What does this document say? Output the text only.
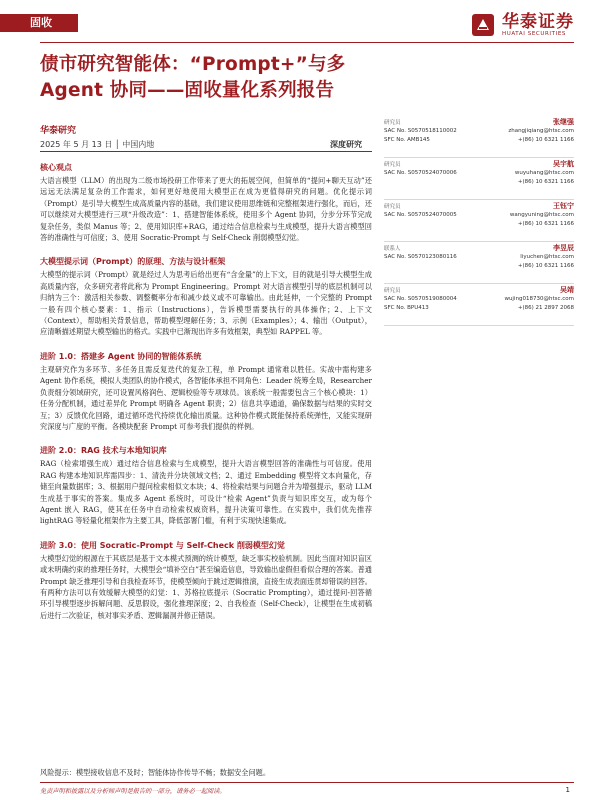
固收	华泰证券
HUATAI SECURITIES
债市研究智能体：“Prompt+”与多
Agent 协同——固收量化系列报告
华泰研究
2025 年 5 月 13 日 │ 中国内地	深度研究
研究员	张继强
SAC No. S0570518110002	zhangjiqiang@htsc.com
SFC No. AMB145	+(86) 10 6321 1166
研究员	吴宇航
SAC No. S0570524070006	wuyuhang@htsc.com
+(86) 10 6321 1166
研究员	王钰宁
SAC No. S0570524070005	wangyuning@htsc.com
+(86) 10 6321 1166
联系人	李昱辰
SAC No. S0570123080116	liyuchen@htsc.com
+(86) 10 6321 1166
研究员	吴靖
SAC No. S0570519080004	wujing018730@htsc.com
SFC No. BPU413	+(86) 21 2897 2068
核心观点

大语言模型（LLM）的出现为二级市场投研工作带来了更大的拓展空间，但简单的“提问+聊天互动”还远远无法满足复杂的工作需求，如何更好地使用大模型正在成为更值得研究的问题。优化提示词（Prompt）是引导大模型生成高质量内容的基础，我们建议使用思维链和完整框架进行强化，而后，还可以继续对大模型进行三项“升级改造”：1、搭建智能体系统，使用多个 Agent 协同，分步分环节完成复杂任务，类似 Manus 等；2、使用知识库+RAG，通过结合信息检索与生成模型，提升大语言模型回答的准确性与可信度；3、使用 Socratic-Prompt 与 Self-Check 削弱模型幻觉。

大模型提示词（Prompt）的原理、方法与设计框架

大模型的提示词（Prompt）就是经过人为思考后给出更有“含金量”的上下文，目的就是引导大模型生成高质量内容，众多研究者将此称为 Prompt Engineering。Prompt 对大语言模型引导的底层机制可以归纳为三个：激活相关参数、调整概率分布和减少歧义或不可靠输出。由此延伸，一个完整的 Prompt 一般有四个核心要素：1、指示（Instructions），告诉模型需要执行的具体操作；2、上下文（Context），帮助相关背景信息，帮助模型理解任务；3、示例（Examples）；4、输出（Output），应清晰描述期望大模型输出的格式。实践中已渐现出许多有效框架，典型如 RAPPEL 等。

进阶 1.0：搭建多 Agent 协同的智能体系统

主观研究作为多环节、多任务且需反复迭代的复杂工程，单 Prompt 通常难以胜任。实战中需构建多 Agent 协作系统，模拟人类团队的协作模式，各智能体承担不同角色：Leader 统筹全局，Researcher 负责细分领域研究，还可设置风格润色、逻辑校验等专项球员。该系统一般需要包含三个核心模块：1）任务分配机制，通过差异化 Prompt 明确各 Agent 职责；2）信息共享通道，确保数据与结果的实时交互；3）反馈优化回路，通过循环迭代持续优化输出质量。这种协作模式既能保持系统弹性，又能实现研究深度与广度的平衡。各模块配套 Prompt 可参考我们提供的样例。

进阶 2.0：RAG 技术与本地知识库

RAG（检索增强生成）通过结合信息检索与生成模型，提升大语言模型回答的准确性与可信度。使用 RAG 构建本地知识库需四步：1、清洗并分块领域文档；2、通过 Embedding 模型将文本向量化，存储至向量数据库；3、根据用户提问检索相似文本块；4、将检索结果与问题合并为增强提示，驱动 LLM 生成基于事实的答案。集成多 Agent 系统时，可设计“检索 Agent”负责与知识库交互，或为每个 Agent 嵌入 RAG，使其在任务中自动检索权威资料，提升决策可靠性。在实践中，我们优先推荐 lightRAG 等轻量化框架作为主要工具，降低部署门槛，有利于实现快速集成。

进阶 3.0：使用 Socratic-Prompt 与 Self-Check 削弱模型幻觉

大模型幻觉的根源在于其底层是基于文本模式预测的统计模型，缺乏事实校验机制。因此当面对知识盲区或未明确约束的推理任务时，大模型会“填补空白”甚至编造信息，导致输出虚假但看似合理的答案。普通 Prompt 缺乏推理引导和自我检查环节，使模型倾向于跳过逻辑推演，直接生成表面连贯却错误的回答。有两种方法可以有效缓解大模型的幻觉：1、苏格拉底提示（Socratic Prompting），通过提问-回答循环引导模型逐步拆解问题、反思假设，强化推理深度；2、自我检查（Self-Check），让模型在生成初稿后进行二次验证，核对事实矛盾、逻辑漏洞并修正错误。

风险提示：模型接收信息不及时；智能体协作传导不畅；数据安全问题。
免责声明和披露以及分析师声明是报告的一部分，请务必一起阅读。	1
